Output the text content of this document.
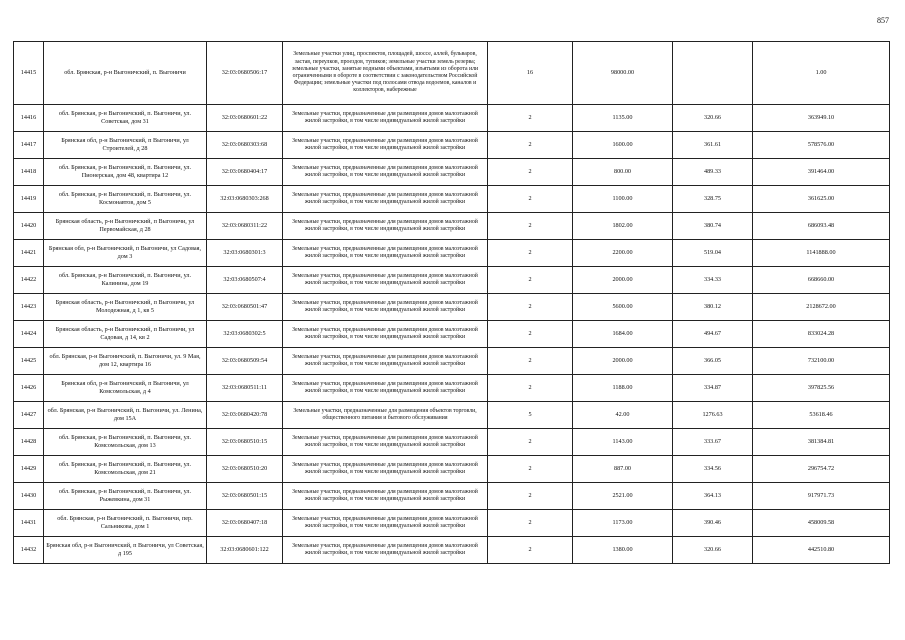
857
14415	обл. Брянская, р-н Выгоничский, п. Выгоничи	32:03:0680506:17	Земельные участки улиц, проспектов, площадей, шоссе, аллей, бульваров, застав, переулков, проездов, тупиков; земельные участки земель резерва; земельные участки, занятые водными объектами, изъятыми из оборота или ограниченными в обороте в соответствии с законодательством Российской Федерации; земельные участки под полосами отвода водоемов, каналов и коллекторов, набережные	16	98000.00		1.00
14416	обл. Брянская, р-н Выгоничский, п. Выгоничи, ул. Советская, дом 31	32:03:0680601:22	Земельные участки, предназначенные для размещения домов малоэтажной жилой застройки, в том числе индивидуальной жилой застройки	2	1135.00	320.66	363949.10
14417	Брянская обл, р-н Выгоничский, п Выгоничи, ул Строителей, д 28	32:03:0680303:68	Земельные участки, предназначенные для размещения домов малоэтажной жилой застройки, в том числе индивидуальной жилой застройки	2	1600.00	361.61	578576.00
14418	обл. Брянская, р-н Выгоничский, п. Выгоничи, ул. Пионерская, дом 48, квартира 12	32:03:0680404:17	Земельные участки, предназначенные для размещения домов малоэтажной жилой застройки, в том числе индивидуальной жилой застройки	2	800.00	489.33	391464.00
14419	обл. Брянская, р-н Выгоничский, п. Выгоничи, ул. Космонавтов, дом 5	32:03:0680303:268	Земельные участки, предназначенные для размещения домов малоэтажной жилой застройки, в том числе индивидуальной жилой застройки	2	1100.00	328.75	361625.00
14420	Брянская область, р-н Выгоничский, п Выгоничи, ул Первомайская, д 28	32:03:0680311:22	Земельные участки, предназначенные для размещения домов малоэтажной жилой застройки, в том числе индивидуальной жилой застройки	2	1802.00	380.74	686093.48
14421	Брянская обл, р-н Выгоничский, п Выгоничи, ул Садовая, дом 3	32:03:0680301:3	Земельные участки, предназначенные для размещения домов малоэтажной жилой застройки, в том числе индивидуальной жилой застройки	2	2200.00	519.04	1141888.00
14422	обл. Брянская, р-н Выгоничский, п. Выгоничи, ул. Калинина, дом 19	32:03:0680507:4	Земельные участки, предназначенные для размещения домов малоэтажной жилой застройки, в том числе индивидуальной жилой застройки	2	2000.00	334.33	668660.00
14423	Брянская область, р-н Выгоничский, п Выгоничи, ул Молодежная, д 1, кв 5	32:03:0680501:47	Земельные участки, предназначенные для размещения домов малоэтажной жилой застройки, в том числе индивидуальной жилой застройки	2	5600.00	380.12	2128672.00
14424	Брянская область, р-н Выгоничский, п Выгоничи, ул Садовая, д 14, кв 2	32:03:0680302:5	Земельные участки, предназначенные для размещения домов малоэтажной жилой застройки, в том числе индивидуальной жилой застройки	2	1684.00	494.67	833024.28
14425	обл. Брянская, р-н Выгоничский, п. Выгоничи, ул. 9 Мая, дом 12, квартира 16	32:03:0680509:54	Земельные участки, предназначенные для размещения домов малоэтажной жилой застройки, в том числе индивидуальной жилой застройки	2	2000.00	366.05	732100.00
14426	Брянская обл, р-н Выгоничский, п Выгоничи, ул Комсомольская, д 4	32:03:0680511:11	Земельные участки, предназначенные для размещения домов малоэтажной жилой застройки, в том числе индивидуальной жилой застройки	2	1188.00	334.87	397825.56
14427	обл. Брянская, р-н Выгоничский, п. Выгоничи, ул. Ленина, дом 15А	32:03:0680420:78	Земельные участки, предназначенные для размещения объектов торговли, общественного питания и бытового обслуживания	5	42.00	1276.63	53618.46
14428	обл. Брянская, р-н Выгоничский, п. Выгоничи, ул. Комсомольская, дом 13	32:03:0680510:15	Земельные участки, предназначенные для размещения домов малоэтажной жилой застройки, в том числе индивидуальной жилой застройки	2	1143.00	333.67	381384.81
14429	обл. Брянская, р-н Выгоничский, п. Выгоничи, ул. Комсомольская, дом 21	32:03:0680510:20	Земельные участки, предназначенные для размещения домов малоэтажной жилой застройки, в том числе индивидуальной жилой застройки	2	887.00	334.56	296754.72
14430	обл. Брянская, р-н Выгоничский, п. Выгоничи, ул. Рыжевкина, дом 31	32:03:0680501:15	Земельные участки, предназначенные для размещения домов малоэтажной жилой застройки, в том числе индивидуальной жилой застройки	2	2521.00	364.13	917971.73
14431	обл. Брянская, р-н Выгоничский, п. Выгоничи, пер. Сальникова, дом 1	32:03:0680407:18	Земельные участки, предназначенные для размещения домов малоэтажной жилой застройки, в том числе индивидуальной жилой застройки	2	1173.00	390.46	458009.58
14432	Брянская обл, р-н Выгоничский, п Выгоничи, ул Советская, д 195	32:03:0680601:122	Земельные участки, предназначенные для размещения домов малоэтажной жилой застройки, в том числе индивидуальной жилой застройки	2	1380.00	320.66	442510.80
